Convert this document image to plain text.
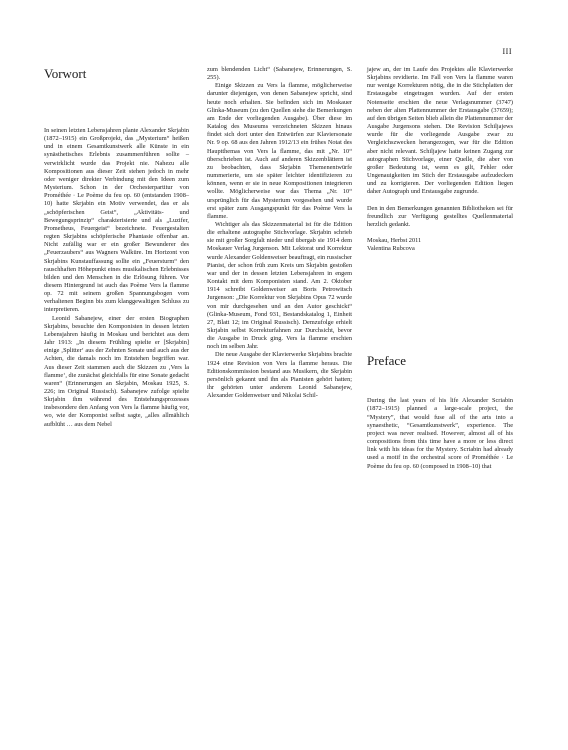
III
Vorwort

In seinen letzten Lebensjahren plante Alexander Skrjabin (1872–1915) ein Großprojekt, das „Mysterium“ heißen und in einem Gesamtkunstwerk alle Künste in ein synästhetisches Erlebnis zusammenführen sollte – verwirklicht wurde das Projekt nie. Nahezu alle Kompositionen aus dieser Zeit stehen jedoch in mehr oder weniger direkter Verbindung mit den Ideen zum Mysterium. Schon in der Orchesterpartitur von Prométhée · Le Poème du feu op. 60 (entstanden 1908–10) hatte Skrjabin ein Motiv verwendet, das er als „schöpferischen Geist“, „Aktivitäts- und Bewegungsprinzip“ charakterisierte und als „Luzifer, Prometheus, Feuergeist“ bezeichnete. Feuergestalten regten Skrjabins schöpferische Phantasie offenbar an. Nicht zufällig war er ein großer Bewunderer des „Feuerzaubers“ aus Wagners Walküre. Im Horizont von Skrjabins Kunstauffassung sollte ein „Feuersturm“ den rauschhaften Höhepunkt eines musikalischen Erlebnisses bilden und den Menschen in die Erlösung führen. Vor diesem Hintergrund ist auch das Poème Vers la flamme op. 72 mit seinem großen Spannungsbogen vom verhaltenen Beginn bis zum klanggewaltigen Schluss zu interpretieren.

Leonid Sabanejew, einer der ersten Biographen Skrjabins, besuchte den Komponisten in dessen letzten Lebensjahren häufig in Moskau und berichtet aus dem Jahr 1913: „In diesem Frühling spielte er [Skrjabin] einige ‚Splitter‘ aus der Zehnten Sonate und auch aus der Achten, die damals noch im Entstehen begriffen war. Aus dieser Zeit stammen auch die Skizzen zu ‚Vers la flamme‘, die zunächst gleichfalls für eine Sonate gedacht waren“ (Erinnerungen an Skrjabin, Moskau 1925, S. 226; im Original Russisch). Sabanejew zufolge spielte Skrjabin ihm während des Entstehungsprozesses insbesondere den Anfang von Vers la flamme häufig vor, wo, wie der Komponist selbst sagte, „alles allmählich aufblüht … aus dem Nebel

zum blendenden Licht“ (Sabanejew, Erinnerungen, S. 255).

Einige Skizzen zu Vers la flamme, möglicherweise darunter diejenigen, von denen Sabanejew spricht, sind heute noch erhalten. Sie befinden sich im Moskauer Glinka-Museum (zu den Quellen siehe die Bemerkungen am Ende der vorliegenden Ausgabe). Über diese im Katalog des Museums verzeichneten Skizzen hinaus findet sich dort unter den Entwürfen zur Klaviersonate Nr. 9 op. 68 aus den Jahren 1912/13 ein frühes Notat des Hauptthemas von Vers la flamme, das mit „Nr. 10“ überschrieben ist. Auch auf anderen Skizzenblättern ist zu beobachten, dass Skrjabin Themenentwürfe nummerierte, um sie später leichter identifizieren zu können, wenn er sie in neue Kompositionen integrieren wollte. Möglicherweise war das Thema „Nr. 10“ ursprünglich für das Mysterium vorgesehen und wurde erst später zum Ausgangspunkt für das Poème Vers la flamme.

Wichtiger als das Skizzenmaterial ist für die Edition die erhaltene autographe Stichvorlage. Skrjabin schrieb sie mit großer Sorgfalt nieder und übergab sie 1914 dem Moskauer Verlag Jurgenson. Mit Lektorat und Korrektur wurde Alexander Goldenweiser beauftragt, ein russischer Pianist, der schon früh zum Kreis um Skrjabin gestoßen war und der in dessen letzten Lebensjahren in engem Kontakt mit dem Komponisten stand. Am 2. Oktober 1914 schreibt Goldenweiser an Boris Petrowitsch Jurgenson: „Die Korrektur von Skrjabins Opus 72 wurde von mir durchgesehen und an den Autor geschickt“ (Glinka-Museum, Fond 931, Bestandskatalog 1, Einheit 27, Blatt 12; im Original Russisch). Demzufolge erhielt Skrjabin selbst Korrekturfahnen zur Durchsicht, bevor die Ausgabe in Druck ging. Vers la flamme erschien noch im selben Jahr.

Die neue Ausgabe der Klavierwerke Skrjabins brachte 1924 eine Revision von Vers la flamme heraus. Die Editionskommission bestand aus Musikern, die Skrjabin persönlich gekannt und ihn als Pianisten gehört hatten; ihr gehörten unter anderem Leonid Sabanejew, Alexander Goldenweiser und Nikolai Schil-

jajew an, der im Laufe des Projektes alle Klavierwerke Skrjabins revidierte. Im Fall von Vers la flamme waren nur wenige Korrekturen nötig, die in die Stichplatten der Erstausgabe eingetragen wurden. Auf der ersten Notenseite erschien die neue Verlagsnummer (3747) neben der alten Plattennummer der Erstausgabe (37659); auf den übrigen Seiten blieb allein die Plattennummer der Ausgabe Jurgensons stehen. Die Revision Schiljajews wurde für die vorliegende Ausgabe zwar zu Vergleichszwecken herangezogen, war für die Edition aber nicht relevant. Schiljajew hatte keinen Zugang zur autographen Stichvorlage, einer Quelle, die aber von großer Bedeutung ist, wenn es gilt, Fehler oder Ungenauigkeiten im Stich der Erstausgabe aufzudecken und zu korrigieren. Der vorliegenden Edition liegen daher Autograph und Erstausgabe zugrunde.

Den in den Bemerkungen genannten Bibliotheken sei für freundlich zur Verfügung gestelltes Quellenmaterial herzlich gedankt.

Moskau, Herbst 2011

Valentina Rubcova

Preface

During the last years of his life Alexander Scriabin (1872–1915) planned a large-scale project, the “Mystery”, that would fuse all of the arts into a synaesthetic, “Gesamtkunstwerk”, experience. The project was never realised. However, almost all of his compositions from this time have a more or less direct link with his ideas for the Mystery. Scriabin had already used a motif in the orchestral score of Prométhée · Le Poème du feu op. 60 (composed in 1908–10) that
